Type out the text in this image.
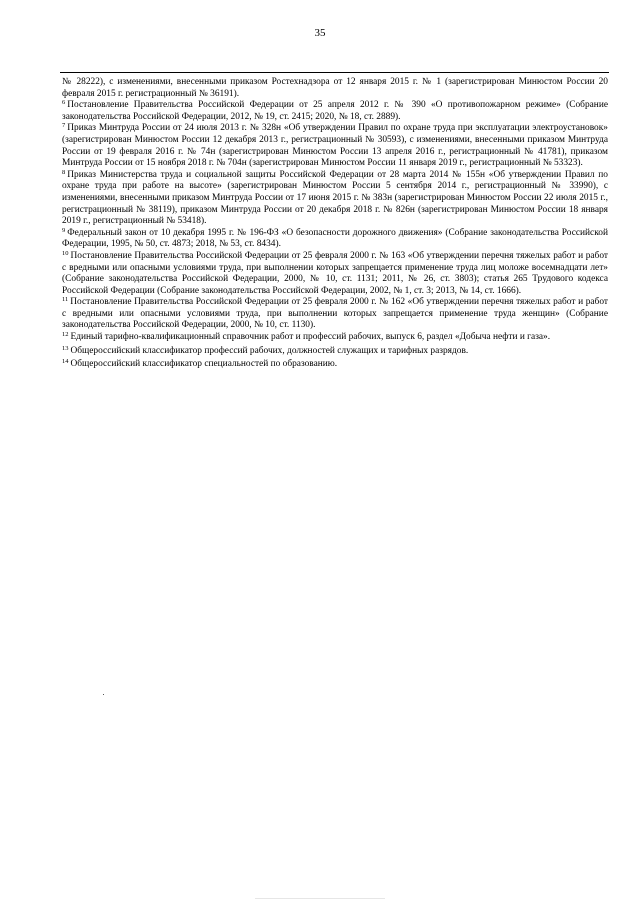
35

№ 28222), с изменениями, внесенными приказом Ростехнадзора от 12 января 2015 г. № 1 (зарегистрирован Минюстом России 20 февраля 2015 г. регистрационный № 36191).

$^6$ Постановление Правительства Российской Федерации от 25 апреля 2012 г. № 390 «О противопожарном режиме» (Собрание законодательства Российской Федерации, 2012, № 19, ст. 2415; 2020, № 18, ст. 2889).

$^7$ Приказ Минтруда России от 24 июля 2013 г. № 328н «Об утверждении Правил по охране труда при эксплуатации электроустановок» (зарегистрирован Минюстом России 12 декабря 2013 г., регистрационный № 30593), с изменениями, внесенными приказом Минтруда России от 19 февраля 2016 г. № 74н (зарегистрирован Минюстом России 13 апреля 2016 г., регистрационный № 41781), приказом Минтруда России от 15 ноября 2018 г. № 704н (зарегистрирован Минюстом России 11 января 2019 г., регистрационный № 53323).

$^8$ Приказ Министерства труда и социальной защиты Российской Федерации от 28 марта 2014 № 155н «Об утверждении Правил по охране труда при работе на высоте» (зарегистрирован Минюстом России 5 сентября 2014 г., регистрационный № 33990), с изменениями, внесенными приказом Минтруда России от 17 июня 2015 г. № 383н (зарегистрирован Минюстом России 22 июля 2015 г., регистрационный № 38119), приказом Минтруда России от 20 декабря 2018 г. № 826н (зарегистрирован Минюстом России 18 января 2019 г., регистрационный № 53418).

$^9$ Федеральный закон от 10 декабря 1995 г. № 196-ФЗ «О безопасности дорожного движения» (Собрание законодательства Российской Федерации, 1995, № 50, ст. 4873; 2018, № 53, ст. 8434).

$^{10}$ Постановление Правительства Российской Федерации от 25 февраля 2000 г. № 163 «Об утверждении перечня тяжелых работ и работ с вредными или опасными условиями труда, при выполнении которых запрещается применение труда лиц моложе восемнадцати лет» (Собрание законодательства Российской Федерации, 2000, № 10, ст. 1131; 2011, № 26, ст. 3803); статья 265 Трудового кодекса Российской Федерации (Собрание законодательства Российской Федерации, 2002, № 1, ст. 3; 2013, № 14, ст. 1666).

$^{11}$ Постановление Правительства Российской Федерации от 25 февраля 2000 г. № 162 «Об утверждении перечня тяжелых работ и работ с вредными или опасными условиями труда, при выполнении которых запрещается применение труда женщин» (Собрание законодательства Российской Федерации, 2000, № 10, ст. 1130).

$^{12}$ Единый тарифно-квалификационный справочник работ и профессий рабочих, выпуск 6, раздел «Добыча нефти и газа».

$^{13}$ Общероссийский классификатор профессий рабочих, должностей служащих и тарифных разрядов.

$^{14}$ Общероссийский классификатор специальностей по образованию.
